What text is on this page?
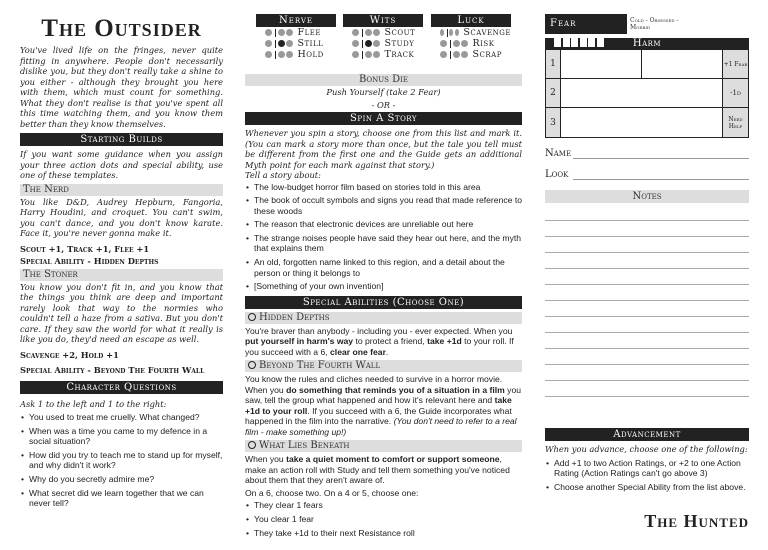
The Outsider
You've lived life on the fringes, never quite fitting in anywhere. People don't necessarily dislike you, but they don't really take a shine to you either - although they brought you here with them, which must count for something. What they don't realise is that you've spent all this time watching them, and you know them better than they know themselves.
Starting Builds
If you want some guidance when you assign your three action dots and special ability, use one of these templates.
The Nerd
You like D&D, Audrey Hepburn, Fangoria, Harry Houdini, and croquet. You can't swim, you can't dance, and you don't know karate. Face it, you're never gonna make it.
Scout +1, Track +1, Flee +1
Special Ability - Hidden Depths
The Stoner
You know you don't fit in, and you know that the things you think are deep and important rarely look that way to the normies who couldn't tell a haze from a sativa. But you don't care. If they saw the world for what it really is like you do, they'd need an escape as well.
Scavenge +2, Hold +1
Special Ability - Beyond The Fourth Wall
Character Questions
Ask 1 to the left and 1 to the right:
• You used to treat me cruelly. What changed?
• When was a time you came to my defence in a social situation?
• How did you try to teach me to stand up for myself, and why didn't it work?
• Why do you secretly admire me?
• What secret did we learn together that we can never tell?
Nerve
Flee
Still
Hold
Wits
Scout
Study
Track
Luck
Scavenge
Risk
Scrap
Bonus Die
Push Yourself (take 2 Fear)
- OR -
Spin A Story
Whenever you spin a story, choose one from this list and mark it. (You can mark a story more than once, but the tale you tell must be different from the first one and the Guide gets an additional Myth point for each mark against that story.)
Tell a story about:
• The low-budget horror film based on stories told in this area
• The book of occult symbols and signs you read that made reference to these woods
• The reason that electronic devices are unreliable out here
• The strange noises people have said they hear out here, and the myth that explains them
• An old, forgotten name linked to this region, and a detail about the person or thing it belongs to
• [Something of your own invention]
Special Abilities (Choose One)
Hidden Depths
You're braver than anybody - including you - ever expected. When you put yourself in harm's way to protect a friend, take +1d to your roll. If you succeed with a 6, clear one fear.
Beyond The Fourth Wall
You know the rules and cliches needed to survive in a horror movie. When you do something that reminds you of a situation in a film you saw, tell the group what happened and how it's relevant here and take +1d to your roll. If you succeed with a 6, the Guide incorporates what happened in the film into the narrative. (You don't need to refer to a real film - make something up!)
What Lies Beneath
When you take a quiet moment to comfort or support someone, make an action roll with Study and tell them something you've noticed about them that they aren't aware of.
On a 6, choose two. On a 4 or 5, choose one:
• They clear 1 fears
• You clear 1 fear
• They take +1d to their next Resistance roll
Fear	Cold - Obsessed - Morbid
Harm
1	+1 Fear
2	-1d
3	Need Help
Name
Look
Notes
Advancement
When you advance, choose one of the following:
• Add +1 to two Action Ratings, or +2 to one Action Rating (Action Ratings can't go above 3)
• Choose another Special Ability from the list above.
The Hunted
